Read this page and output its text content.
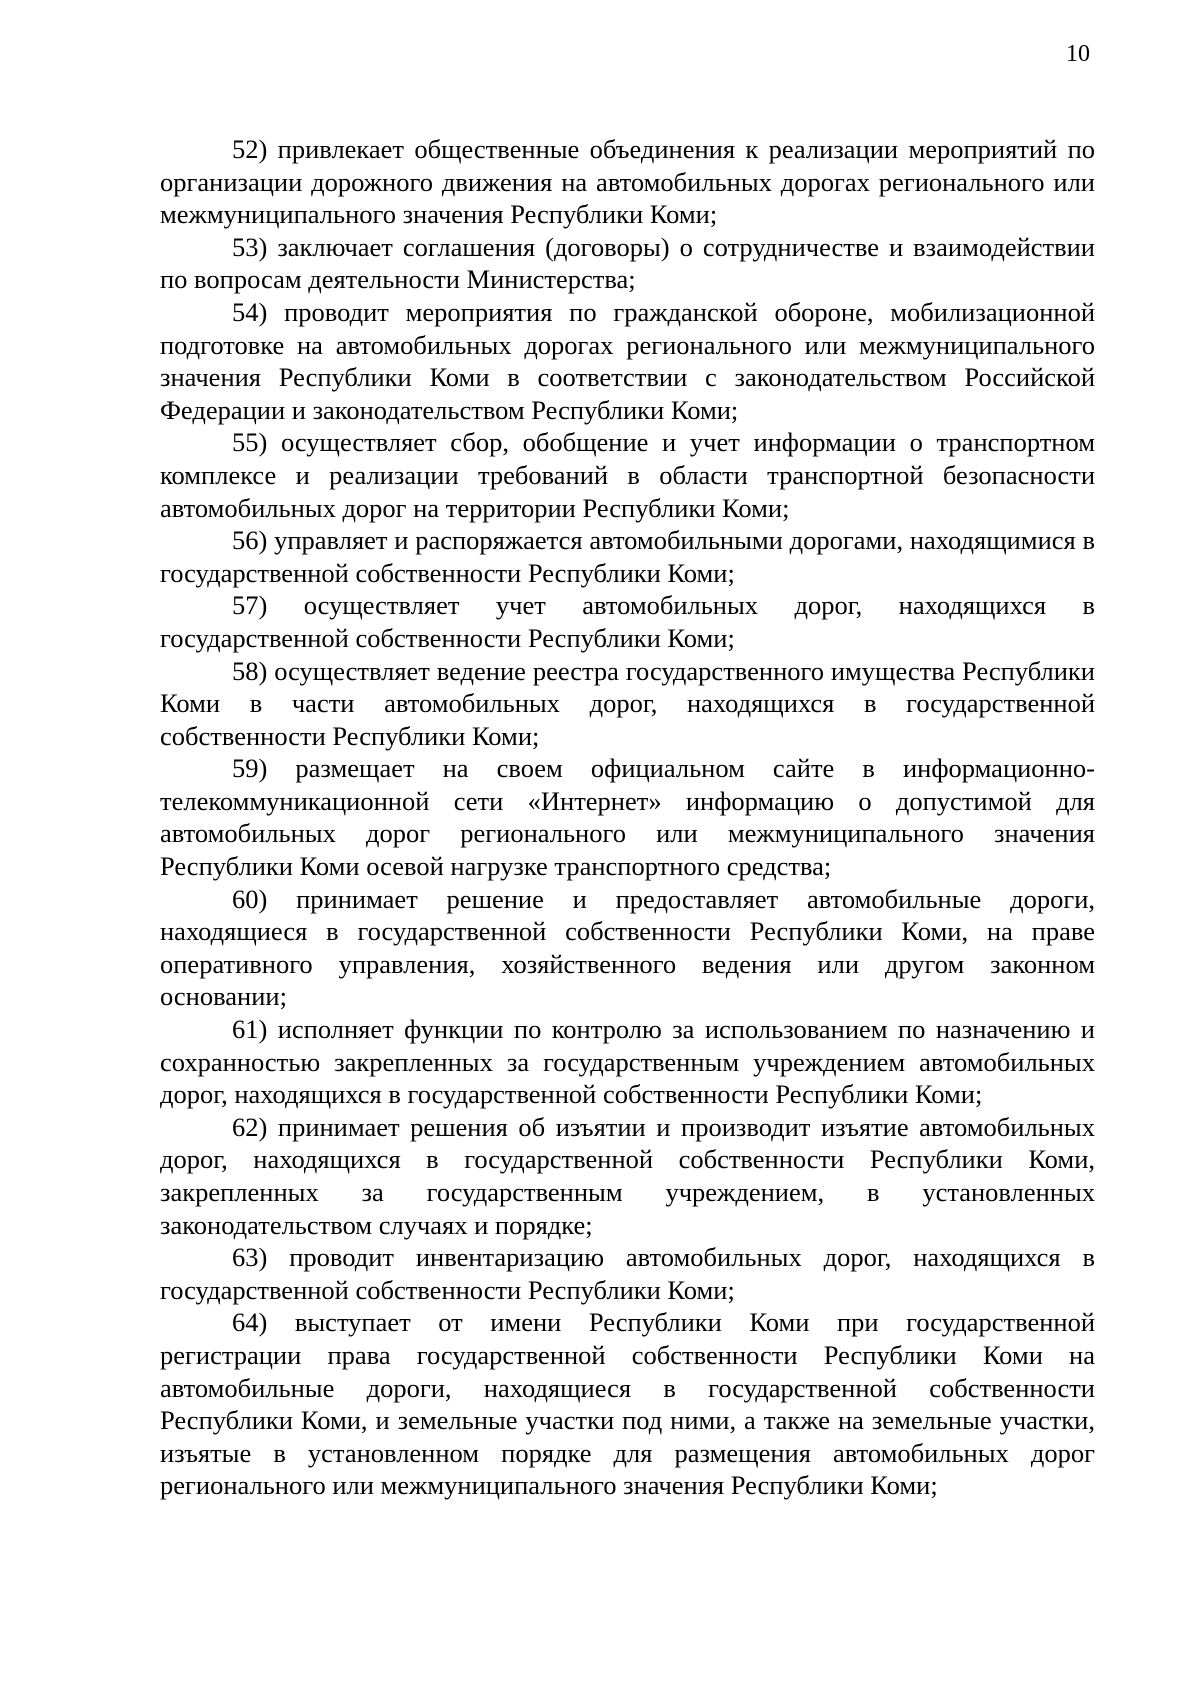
10

52) привлекает общественные объединения к реализации мероприятий по организации дорожного движения на автомобильных дорогах регионального или межмуниципального значения Республики Коми;

53) заключает соглашения (договоры) о сотрудничестве и взаимодействии по вопросам деятельности Министерства;

54) проводит мероприятия по гражданской обороне, мобилизационной подготовке на автомобильных дорогах регионального или межмуниципального значения Республики Коми в соответствии с законодательством Российской Федерации и законодательством Республики Коми;

55) осуществляет сбор, обобщение и учет информации о транспортном комплексе и реализации требований в области транспортной безопасности автомобильных дорог на территории Республики Коми;

56) управляет и распоряжается автомобильными дорогами, находящимися в государственной собственности Республики Коми;

57) осуществляет учет автомобильных дорог, находящихся в государственной собственности Республики Коми;

58) осуществляет ведение реестра государственного имущества Республики Коми в части автомобильных дорог, находящихся в государственной собственности Республики Коми;

59) размещает на своем официальном сайте в информационно-телекоммуникационной сети «Интернет» информацию о допустимой для автомобильных дорог регионального или межмуниципального значения Республики Коми осевой нагрузке транспортного средства;

60) принимает решение и предоставляет автомобильные дороги, находящиеся в государственной собственности Республики Коми, на праве оперативного управления, хозяйственного ведения или другом законном основании;

61) исполняет функции по контролю за использованием по назначению и сохранностью закрепленных за государственным учреждением автомобильных дорог, находящихся в государственной собственности Республики Коми;

62) принимает решения об изъятии и производит изъятие автомобильных дорог, находящихся в государственной собственности Республики Коми, закрепленных за государственным учреждением, в установленных законодательством случаях и порядке;

63) проводит инвентаризацию автомобильных дорог, находящихся в государственной собственности Республики Коми;

64) выступает от имени Республики Коми при государственной регистрации права государственной собственности Республики Коми на автомобильные дороги, находящиеся в государственной собственности Республики Коми, и земельные участки под ними, а также на земельные участки, изъятые в установленном порядке для размещения автомобильных дорог регионального или межмуниципального значения Республики Коми;
